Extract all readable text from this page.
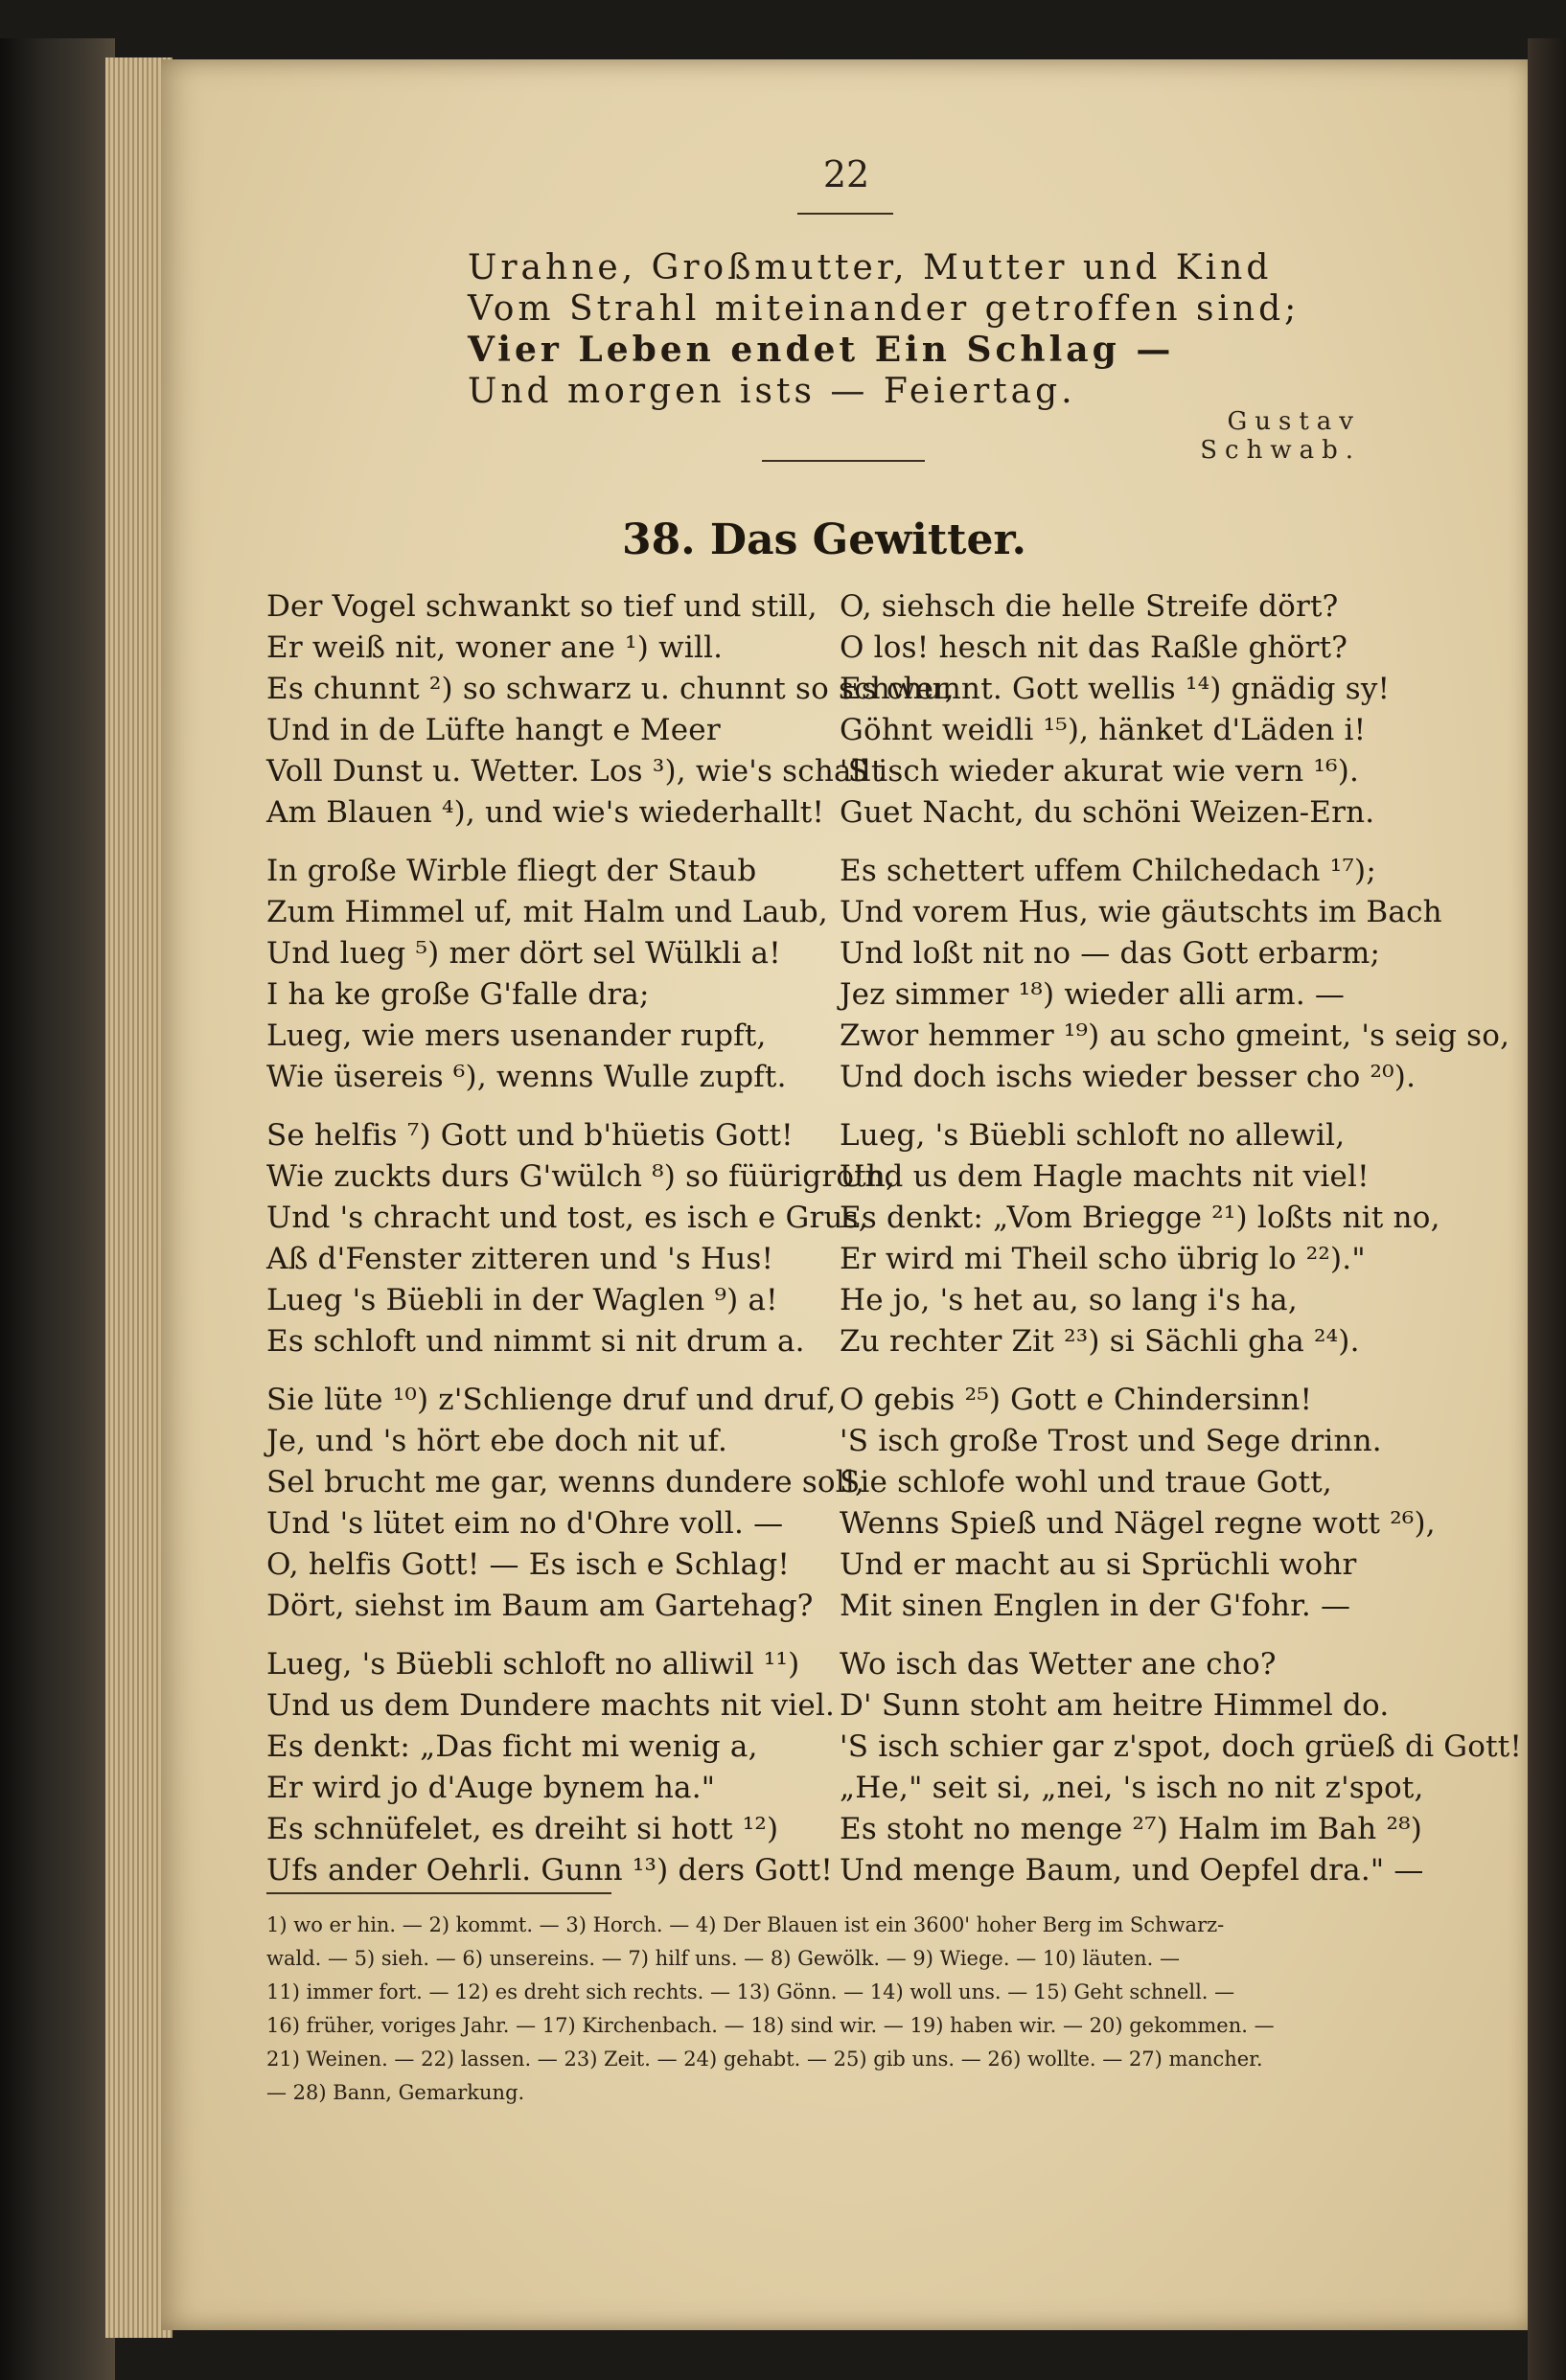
22
Urahne, Großmutter, Mutter und Kind
Vom Strahl miteinander getroffen sind;
Vier Leben endet Ein Schlag —
Und morgen ists — Feiertag.
Gustav Schwab.
38. Das Gewitter.
Der Vogel schwankt so tief und still,
Er weiß nit, woner ane ¹) will.
Es chunnt ²) so schwarz u. chunnt so schwer,
Und in de Lüfte hangt e Meer
Voll Dunst u. Wetter. Los ³), wie's schallt
Am Blauen ⁴), und wie's wiederhallt!
In große Wirble fliegt der Staub
Zum Himmel uf, mit Halm und Laub,
Und lueg ⁵) mer dört sel Wülkli a!
I ha ke große G'falle dra;
Lueg, wie mers usenander rupft,
Wie üsereis ⁶), wenns Wulle zupft.
Se helfis ⁷) Gott und b'hüetis Gott!
Wie zuckts durs G'wülch ⁸) so füürigroth,
Und 's chracht und tost, es isch e Grus,
Aß d'Fenster zitteren und 's Hus!
Lueg 's Büebli in der Waglen ⁹) a!
Es schloft und nimmt si nit drum a.
Sie lüte ¹⁰) z'Schlienge druf und druf,
Je, und 's hört ebe doch nit uf.
Sel brucht me gar, wenns dundere soll,
Und 's lütet eim no d'Ohre voll. —
O, helfis Gott! — Es isch e Schlag!
Dört, siehst im Baum am Gartehag?
Lueg, 's Büebli schloft no alliwil ¹¹)
Und us dem Dundere machts nit viel.
Es denkt: „Das ficht mi wenig a,
Er wird jo d'Auge bynem ha."
Es schnüfelet, es dreiht si hott ¹²)
Ufs ander Oehrli. Gunn ¹³) ders Gott!
O, siehsch die helle Streife dört?
O los! hesch nit das Raßle ghört?
Es chunnt. Gott wellis ¹⁴) gnädig sy!
Göhnt weidli ¹⁵), hänket d'Läden i!
'S isch wieder akurat wie vern ¹⁶).
Guet Nacht, du schöni Weizen-Ern.
Es schettert uffem Chilchedach ¹⁷);
Und vorem Hus, wie gäutschts im Bach
Und loßt nit no — das Gott erbarm;
Jez simmer ¹⁸) wieder alli arm. —
Zwor hemmer ¹⁹) au scho gmeint, 's seig so,
Und doch ischs wieder besser cho ²⁰).
Lueg, 's Büebli schloft no allewil,
Und us dem Hagle machts nit viel!
Es denkt: „Vom Briegge ²¹) loßts nit no,
Er wird mi Theil scho übrig lo ²²)."
He jo, 's het au, so lang i's ha,
Zu rechter Zit ²³) si Sächli gha ²⁴).
O gebis ²⁵) Gott e Chindersinn!
'S isch große Trost und Sege drinn.
Sie schlofe wohl und traue Gott,
Wenns Spieß und Nägel regne wott ²⁶),
Und er macht au si Sprüchli wohr
Mit sinen Englen in der G'fohr. —
Wo isch das Wetter ane cho?
D' Sunn stoht am heitre Himmel do.
'S isch schier gar z'spot, doch grüeß di Gott!
„He," seit si, „nei, 's isch no nit z'spot,
Es stoht no menge ²⁷) Halm im Bah ²⁸)
Und menge Baum, und Oepfel dra." —
1) wo er hin. — 2) kommt. — 3) Horch. — 4) Der Blauen ist ein 3600' hoher Berg im Schwarz-
wald. — 5) sieh. — 6) unsereins. — 7) hilf uns. — 8) Gewölk. — 9) Wiege. — 10) läuten. —
11) immer fort. — 12) es dreht sich rechts. — 13) Gönn. — 14) woll uns. — 15) Geht schnell. —
16) früher, voriges Jahr. — 17) Kirchenbach. — 18) sind wir. — 19) haben wir. — 20) gekommen. —
21) Weinen. — 22) lassen. — 23) Zeit. — 24) gehabt. — 25) gib uns. — 26) wollte. — 27) mancher.
— 28) Bann, Gemarkung.
